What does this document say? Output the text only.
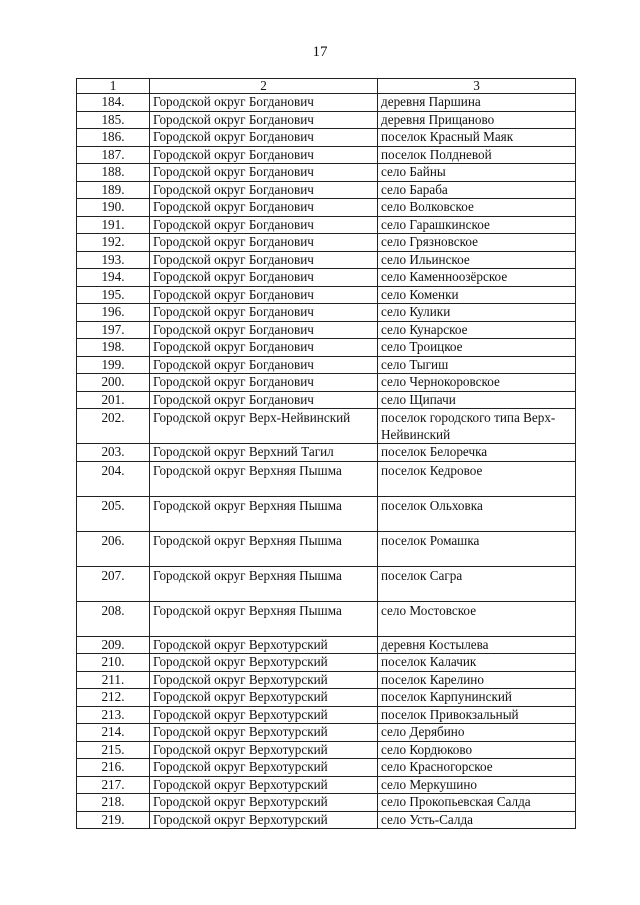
17
1	2	3
184.	Городской округ Богданович	деревня Паршина
185.	Городской округ Богданович	деревня Прищаново
186.	Городской округ Богданович	поселок Красный Маяк
187.	Городской округ Богданович	поселок Полдневой
188.	Городской округ Богданович	село Байны
189.	Городской округ Богданович	село Бараба
190.	Городской округ Богданович	село Волковское
191.	Городской округ Богданович	село Гарашкинское
192.	Городской округ Богданович	село Грязновское
193.	Городской округ Богданович	село Ильинское
194.	Городской округ Богданович	село Каменноозёрское
195.	Городской округ Богданович	село Коменки
196.	Городской округ Богданович	село Кулики
197.	Городской округ Богданович	село Кунарское
198.	Городской округ Богданович	село Троицкое
199.	Городской округ Богданович	село Тыгиш
200.	Городской округ Богданович	село Чернокоровское
201.	Городской округ Богданович	село Щипачи
202.	Городской округ Верх-Нейвинский	поселок городского типа Верх-Нейвинский
203.	Городской округ Верхний Тагил	поселок Белоречка
204.	Городской округ Верхняя Пышма	поселок Кедровое
205.	Городской округ Верхняя Пышма	поселок Ольховка
206.	Городской округ Верхняя Пышма	поселок Ромашка
207.	Городской округ Верхняя Пышма	поселок Сагра
208.	Городской округ Верхняя Пышма	село Мостовское
209.	Городской округ Верхотурский	деревня Костылева
210.	Городской округ Верхотурский	поселок Калачик
211.	Городской округ Верхотурский	поселок Карелино
212.	Городской округ Верхотурский	поселок Карпунинский
213.	Городской округ Верхотурский	поселок Привокзальный
214.	Городской округ Верхотурский	село Дерябино
215.	Городской округ Верхотурский	село Кордюково
216.	Городской округ Верхотурский	село Красногорское
217.	Городской округ Верхотурский	село Меркушино
218.	Городской округ Верхотурский	село Прокопьевская Салда
219.	Городской округ Верхотурский	село Усть-Салда
